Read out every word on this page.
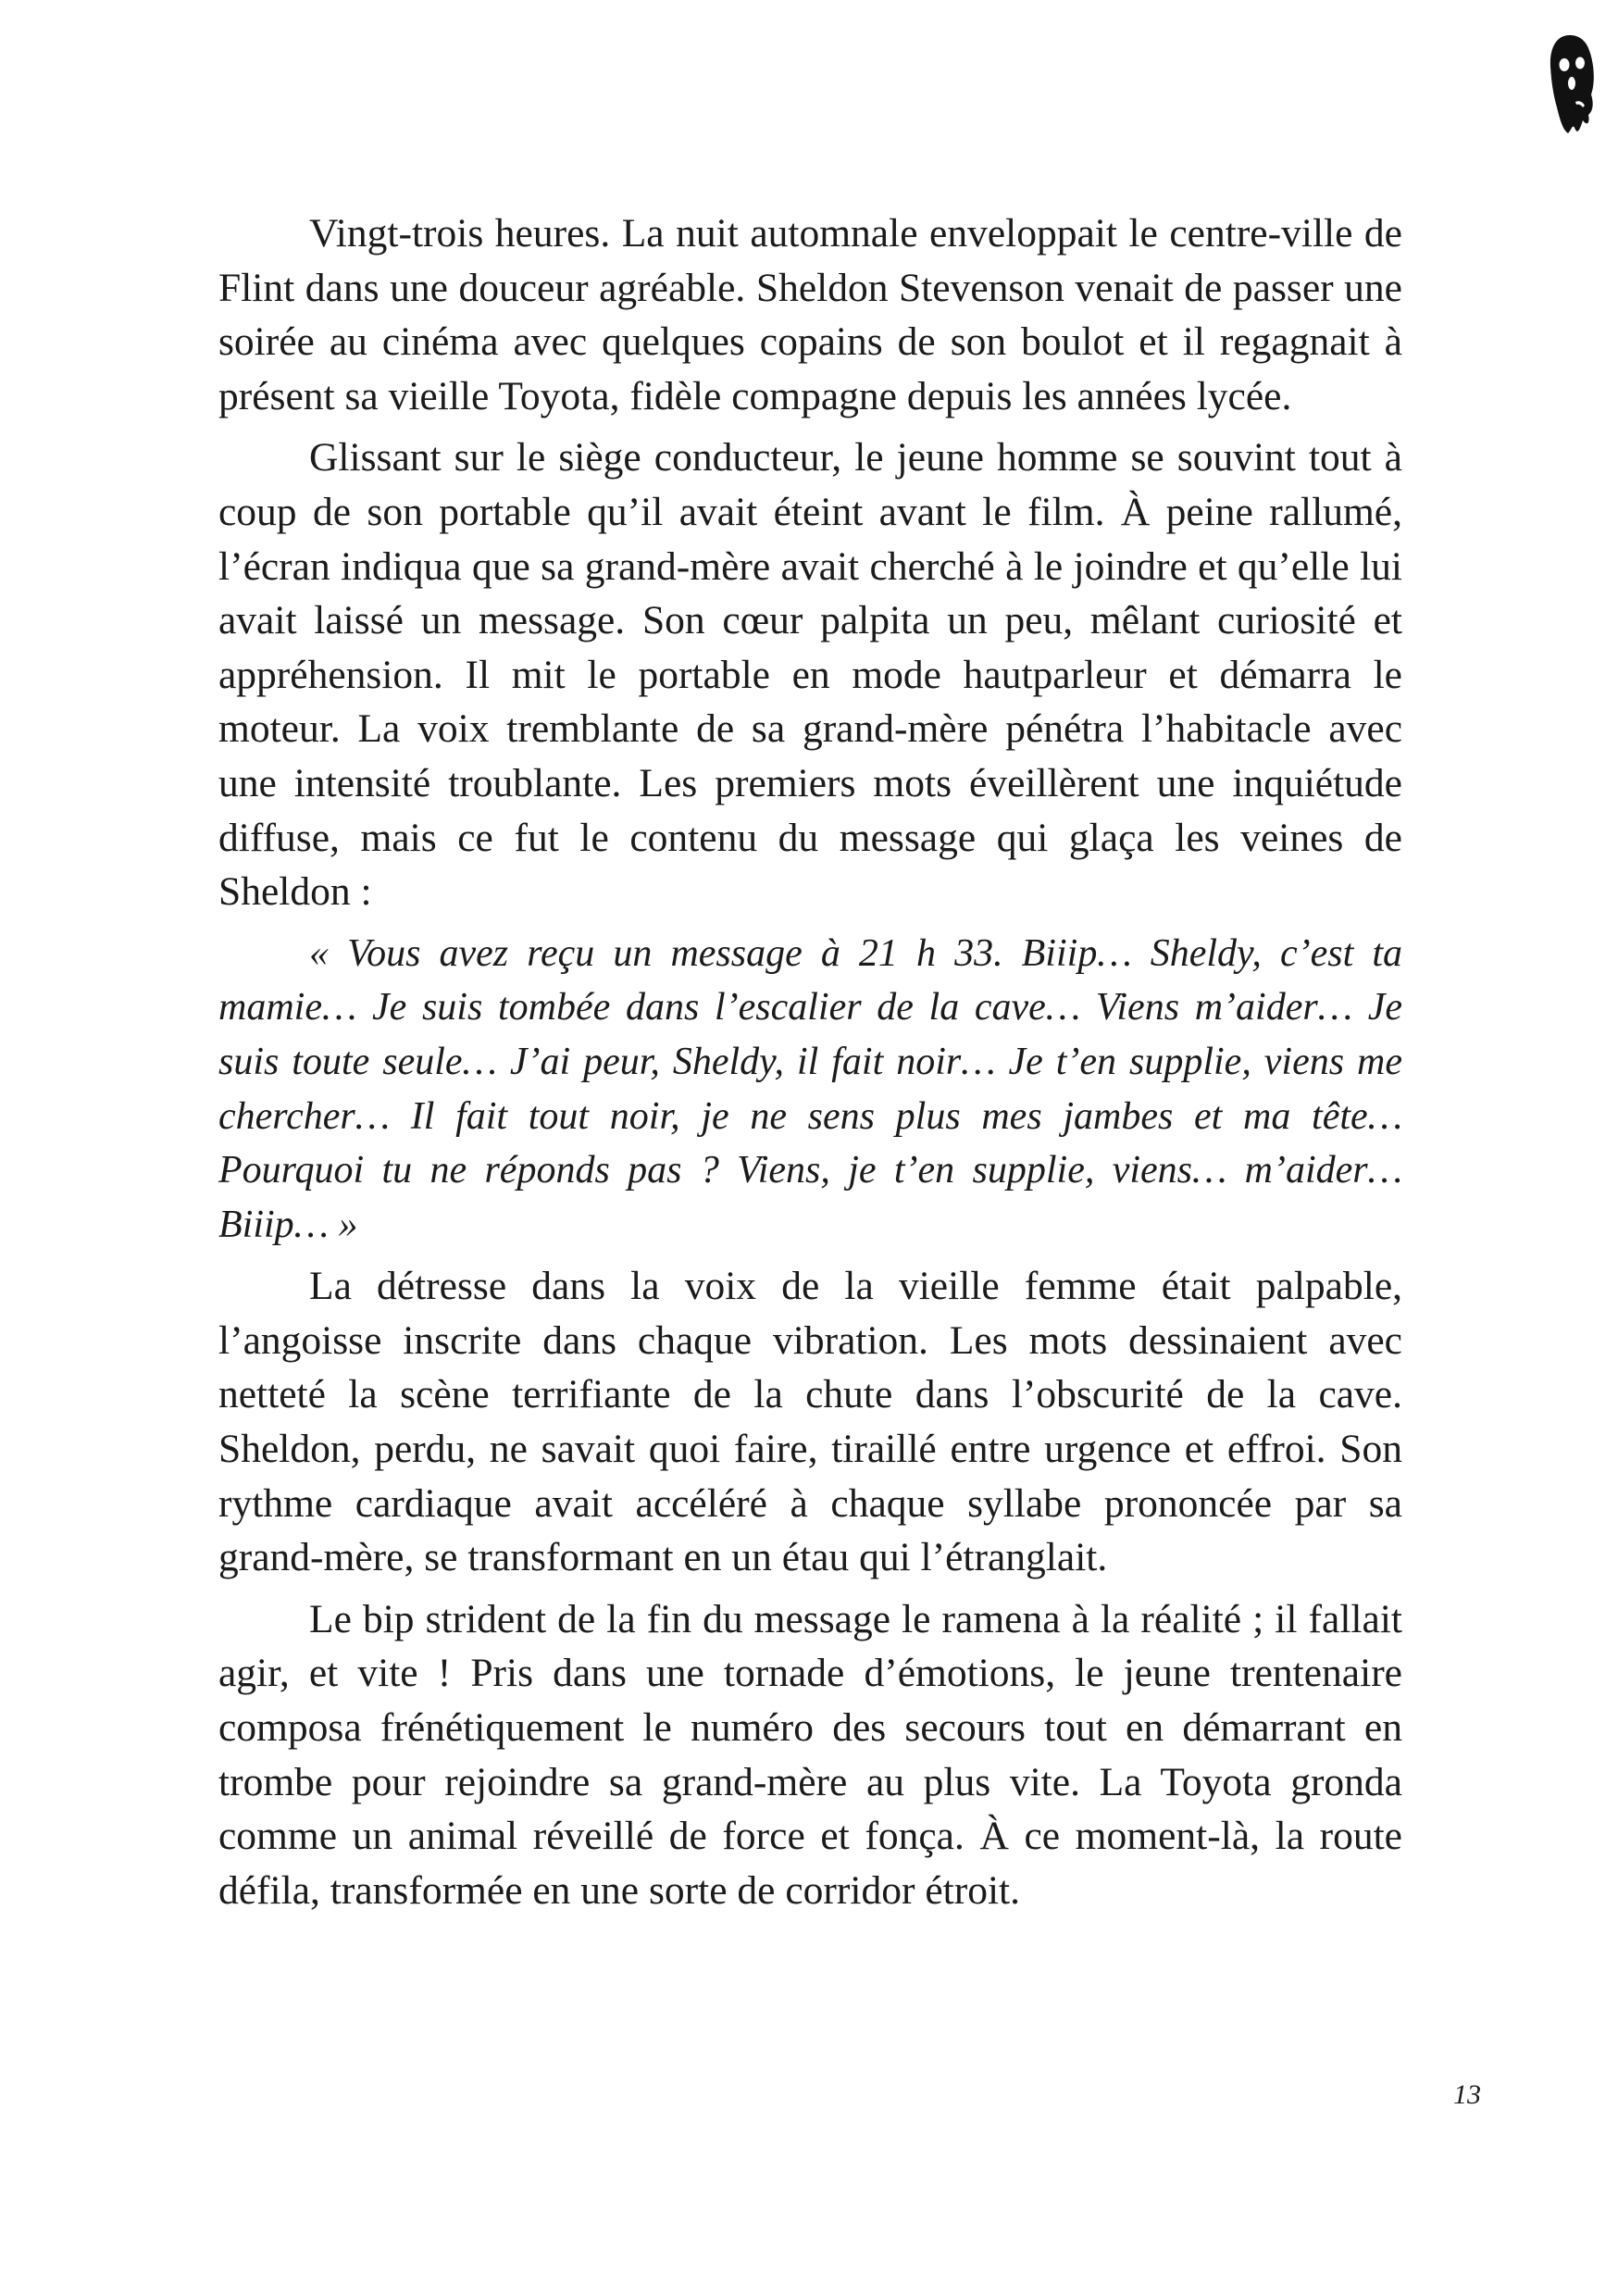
Vingt-trois heures. La nuit automnale enveloppait le centre-ville de Flint dans une douceur agréable. Sheldon Stevenson venait de passer une soirée au cinéma avec quelques copains de son boulot et il regagnait à présent sa vieille Toyota, fidèle compagne depuis les années lycée.

Glissant sur le siège conducteur, le jeune homme se souvint tout à coup de son portable qu’il avait éteint avant le film. À peine rallumé, l’écran indiqua que sa grand-mère avait cherché à le joindre et qu’elle lui avait laissé un message. Son cœur palpita un peu, mêlant curiosité et appréhension. Il mit le portable en mode hautparleur et démarra le moteur. La voix tremblante de sa grand-mère pénétra l’habitacle avec une intensité troublante. Les premiers mots éveillèrent une inquiétude diffuse, mais ce fut le contenu du message qui glaça les veines de Sheldon :

« Vous avez reçu un message à 21 h 33. Biiip… Sheldy, c’est ta mamie… Je suis tombée dans l’escalier de la cave… Viens m’aider… Je suis toute seule… J’ai peur, Sheldy, il fait noir… Je t’en supplie, viens me chercher… Il fait tout noir, je ne sens plus mes jambes et ma tête… Pourquoi tu ne réponds pas ? Viens, je t’en supplie, viens… m’aider… Biiip… »

La détresse dans la voix de la vieille femme était palpable, l’angoisse inscrite dans chaque vibration. Les mots dessinaient avec netteté la scène terrifiante de la chute dans l’obscurité de la cave. Sheldon, perdu, ne savait quoi faire, tiraillé entre urgence et effroi. Son rythme cardiaque avait accéléré à chaque syllabe prononcée par sa grand-mère, se transformant en un étau qui l’étranglait.

Le bip strident de la fin du message le ramena à la réalité ; il fallait agir, et vite ! Pris dans une tornade d’émotions, le jeune trentenaire composa frénétiquement le numéro des secours tout en démarrant en trombe pour rejoindre sa grand-mère au plus vite. La Toyota gronda comme un animal réveillé de force et fonça. À ce moment-là, la route défila, transformée en une sorte de corridor étroit.

13
